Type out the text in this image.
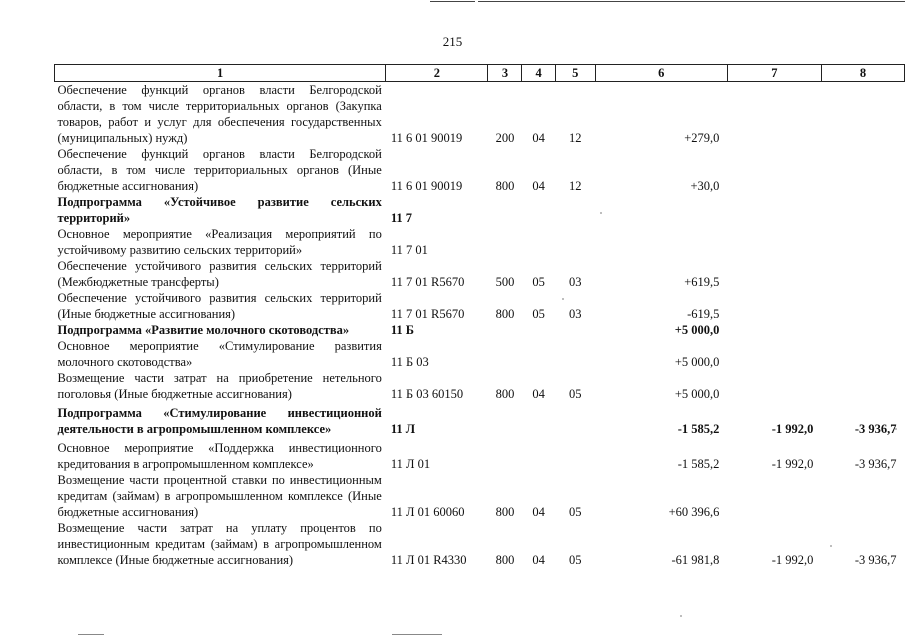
215
1	2	3	4	5	6	7	8
Обеспечение функций органов власти Белгородской области, в том числе территориальных органов (Закупка товаров, работ и услуг для обеспечения государственных (муниципальных) нужд)	11 6 01 90019	200	04	12	+279,0		
Обеспечение функций органов власти Белгородской области, в том числе территориальных органов (Иные бюджетные ассигнования)	11 6 01 90019	800	04	12	+30,0		
Подпрограмма «Устойчивое развитие сельских территорий»	11 7						
Основное мероприятие «Реализация мероприятий по устойчивому развитию сельских территорий»	11 7 01						
Обеспечение устойчивого развития сельских территорий (Межбюджетные трансферты)	11 7 01 R5670	500	05	03	+619,5		
Обеспечение устойчивого развития сельских территорий (Иные бюджетные ассигнования)	11 7 01 R5670	800	05	03	-619,5		
Подпрограмма «Развитие молочного скотоводства»	11 Б				+5 000,0		
Основное мероприятие «Стимулирование развития молочного скотоводства»	11 Б 03				+5 000,0		
Возмещение части затрат на приобретение нетельного поголовья (Иные бюджетные ассигнования)	11 Б 03 60150	800	04	05	+5 000,0		
Подпрограмма «Стимулирование инвестиционной деятельности в агропромышленном комплексе»	11 Л				-1 585,2	-1 992,0	-3 936,7
Основное мероприятие «Поддержка инвестиционного кредитования в агропромышленном комплексе»	11 Л 01				-1 585,2	-1 992,0	-3 936,7
Возмещение части процентной ставки по инвестиционным кредитам (займам) в агропромышленном комплексе (Иные бюджетные ассигнования)	11 Л 01 60060	800	04	05	+60 396,6		
Возмещение части затрат на уплату процентов по инвестиционным кредитам (займам) в агропромышленном комплексе (Иные бюджетные ассигнования)	11 Л 01 R4330	800	04	05	-61 981,8	-1 992,0	-3 936,7
